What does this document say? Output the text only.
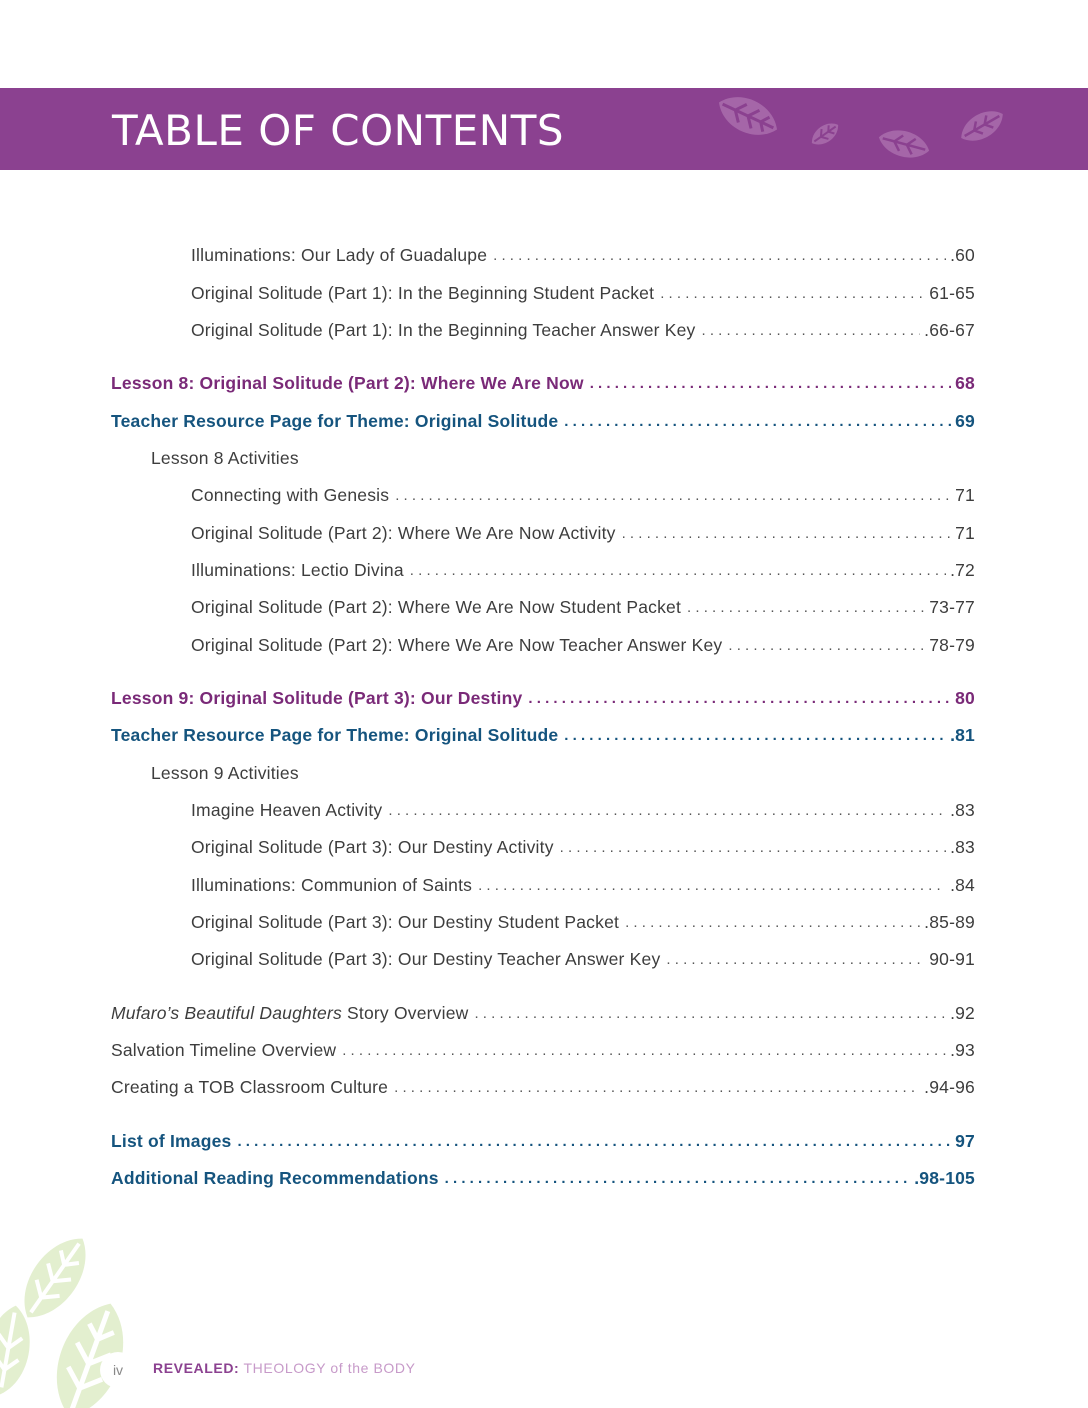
TABLE OF CONTENTS
Illuminations: Our Lady of Guadalupe . . .	.60
Original Solitude (Part 1): In the Beginning Student Packet . . .	61-65
Original Solitude (Part 1): In the Beginning Teacher Answer Key . . .	.66-67
Lesson 8: Original Solitude (Part 2): Where We Are Now . . .	68
Teacher Resource Page for Theme: Original Solitude . . .	69
Lesson 8 Activities
Connecting with Genesis . . .	71
Original Solitude (Part 2): Where We Are Now Activity . . .	71
Illuminations: Lectio Divina . . .	.72
Original Solitude (Part 2): Where We Are Now Student Packet . . .	73-77
Original Solitude (Part 2): Where We Are Now Teacher Answer Key . . .	78-79
Lesson 9: Original Solitude (Part 3): Our Destiny . . .	80
Teacher Resource Page for Theme: Original Solitude . . .	.81
Lesson 9 Activities
Imagine Heaven Activity . . .	.83
Original Solitude (Part 3): Our Destiny Activity . . .	.83
Illuminations: Communion of Saints . . .	.84
Original Solitude (Part 3): Our Destiny Student Packet . . .	.85-89
Original Solitude (Part 3): Our Destiny Teacher Answer Key . . .	90-91
Mufaro’s Beautiful Daughters Story Overview . . .	.92
Salvation Timeline Overview . . .	.93
Creating a TOB Classroom Culture . . .	.94-96
List of Images . . .	97
Additional Reading Recommendations . . .	.98-105
iv	REVEALED: THEOLOGY of the BODY
